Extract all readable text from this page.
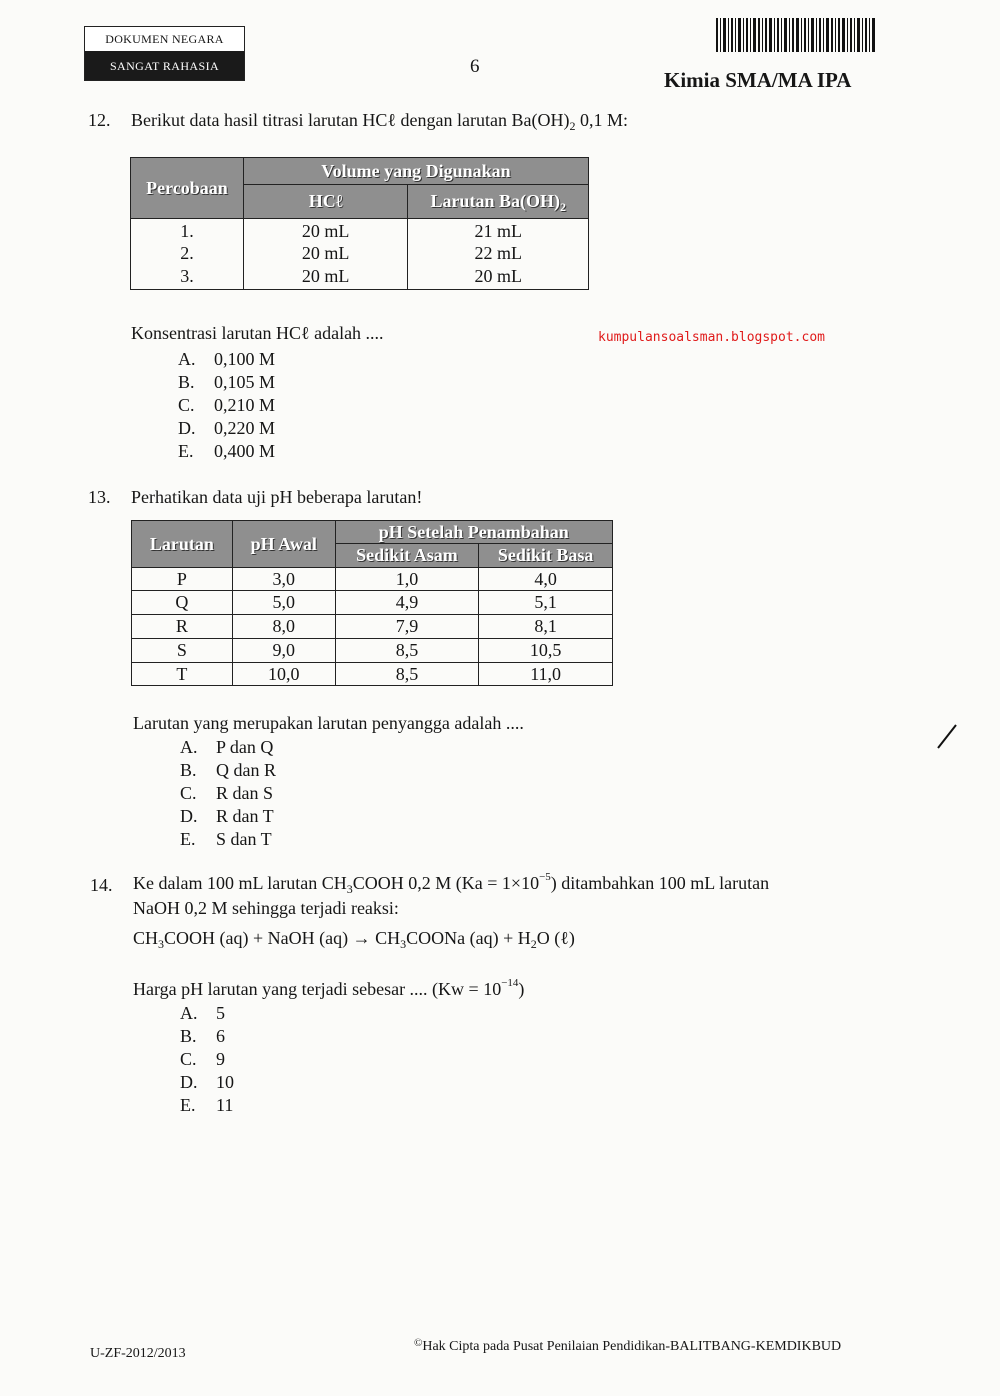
DOKUMEN NEGARA
SANGAT RAHASIA	6
Kimia SMA/MA IPA
12. Berikut data hasil titrasi larutan HCℓ dengan larutan $Ba(OH)_2$ 0,1 M:
Percobaan	Volume yang Digunakan	
	HCℓ	Larutan $Ba(OH)_2$
1.	20 mL	21 mL
2.	20 mL	22 mL
3.	20 mL	20 mL
Konsentrasi larutan HCℓ adalah ....	kumpulansoalsman.blogspot.com
A. 0,100 M
B. 0,105 M
C. 0,210 M
D. 0,220 M
E. 0,400 M
13. Perhatikan data uji pH beberapa larutan!
Larutan	pH Awal	pH Setelah Penambahan	
		Sedikit Asam	Sedikit Basa
P	3,0	1,0	4,0
Q	5,0	4,9	5,1
R	8,0	7,9	8,1
S	9,0	8,5	10,5
T	10,0	8,5	11,0
Larutan yang merupakan larutan penyangga adalah ....
A. P dan Q
B. Q dan R
C. R dan S
D. R dan T
E. S dan T
14. Ke dalam 100 mL larutan $CH_3COOH$ 0,2 M $(Ka = 1\times 10^{-5})$ ditambahkan 100 mL larutan
NaOH 0,2 M sehingga terjadi reaksi:
$CH_3COOH$ (aq) + NaOH $(aq) \to CH_3COONa$ $(aq) + H_2O$ (ℓ)
Harga pH larutan yang terjadi sebesar .... $(Kw = 10^{-14})$
A. 5
B. 6
C. 9
D. 10
E. 11
U-ZF-2012/2013
©Hak Cipta pada Pusat Penilaian Pendidikan-BALITBANG-KEMDIKBUD
